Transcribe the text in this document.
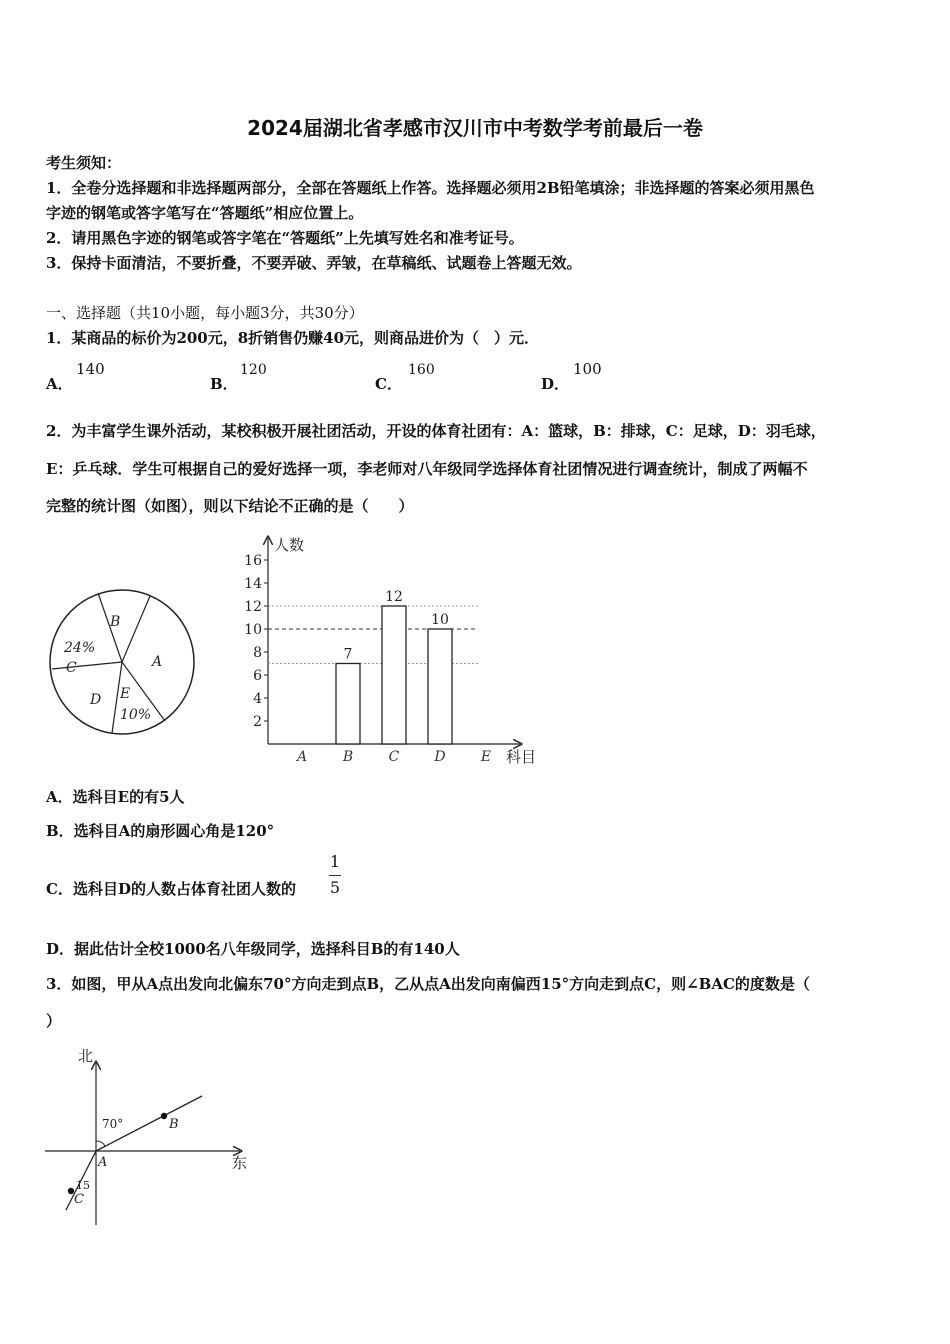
2024届湖北省孝感市汉川市中考数学考前最后一卷
考生须知：
1．全卷分选择题和非选择题两部分，全部在答题纸上作答。选择题必须用2B铅笔填涂；非选择题的答案必须用黑色
字迹的钢笔或答字笔写在“答题纸”相应位置上。
2．请用黑色字迹的钢笔或答字笔在“答题纸”上先填写姓名和准考证号。
3．保持卡面清洁，不要折叠，不要弄破、弄皱，在草稿纸、试题卷上答题无效。
一、选择题（共10小题，每小题3分，共30分）
1．某商品的标价为200元，8折销售仍赚40元，则商品进价为（　）元．
A．
140
B．
120
C．
160
D．
100
2．为丰富学生课外活动，某校积极开展社团活动，开设的体育社团有：A：篮球，B：排球，C：足球，D：羽毛球，
E：乒乓球．学生可根据自己的爱好选择一项，李老师对八年级同学选择体育社团情况进行调查统计，制成了两幅不
完整的统计图（如图），则以下结论不正确的是（　　）
B
A
24%
C
D E
10%
人数
科目
2
4
6
8
10
12
14
16
A
7
B
12
C
10
D	E
A．选科目E的有5人
B．选科目A的扇形圆心角是120°
C．选科目D的人数占体育社团人数的
1
5
D．据此估计全校1000名八年级同学，选择科目B的有140人
3．如图，甲从A点出发向北偏东70°方向走到点B，乙从点A出发向南偏西15°方向走到点C，则∠BAC的度数是（
）
北
东
70°
15
A
B
C
